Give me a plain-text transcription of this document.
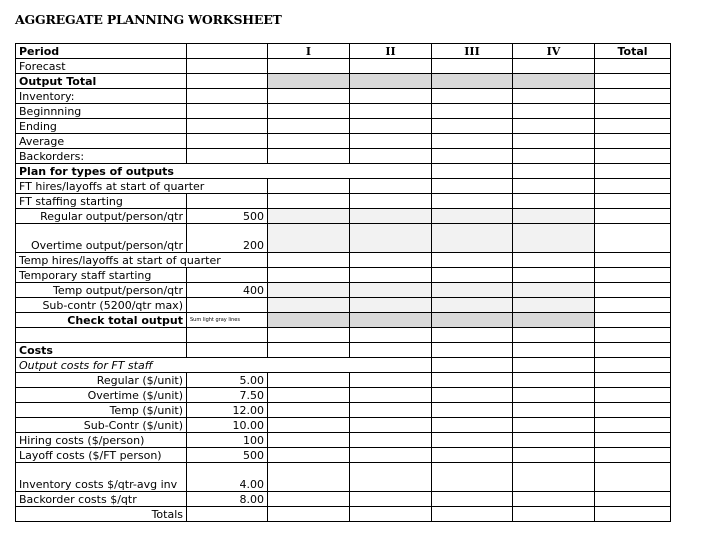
AGGREGATE PLANNING WORKSHEET
Period		I	II	III	IV	Total
Forecast						
Output Total						
Inventory:						
Beginnning						
Ending						
Average						
Backorders:						
Plan for types of outputs						
FT hires/layoffs at start of quarter						
FT staffing starting						
Regular output/person/qtr	500					
Overtime output/person/qtr	200					
Temp hires/layoffs at start of quarter						
Temporary staff starting						
Temp output/person/qtr	400					
Sub-contr (5200/qtr max)						
Check total output	Sum light gray lines					

Costs						
Output costs for FT staff						
Regular ($/unit)	5.00					
Overtime ($/unit)	7.50					
Temp ($/unit)	12.00					
Sub-Contr ($/unit)	10.00					
Hiring costs ($/person)	100					
Layoff costs ($/FT person)	500					
Inventory costs $/qtr-avg inv	4.00					
Backorder costs $/qtr	8.00					
Totals						
